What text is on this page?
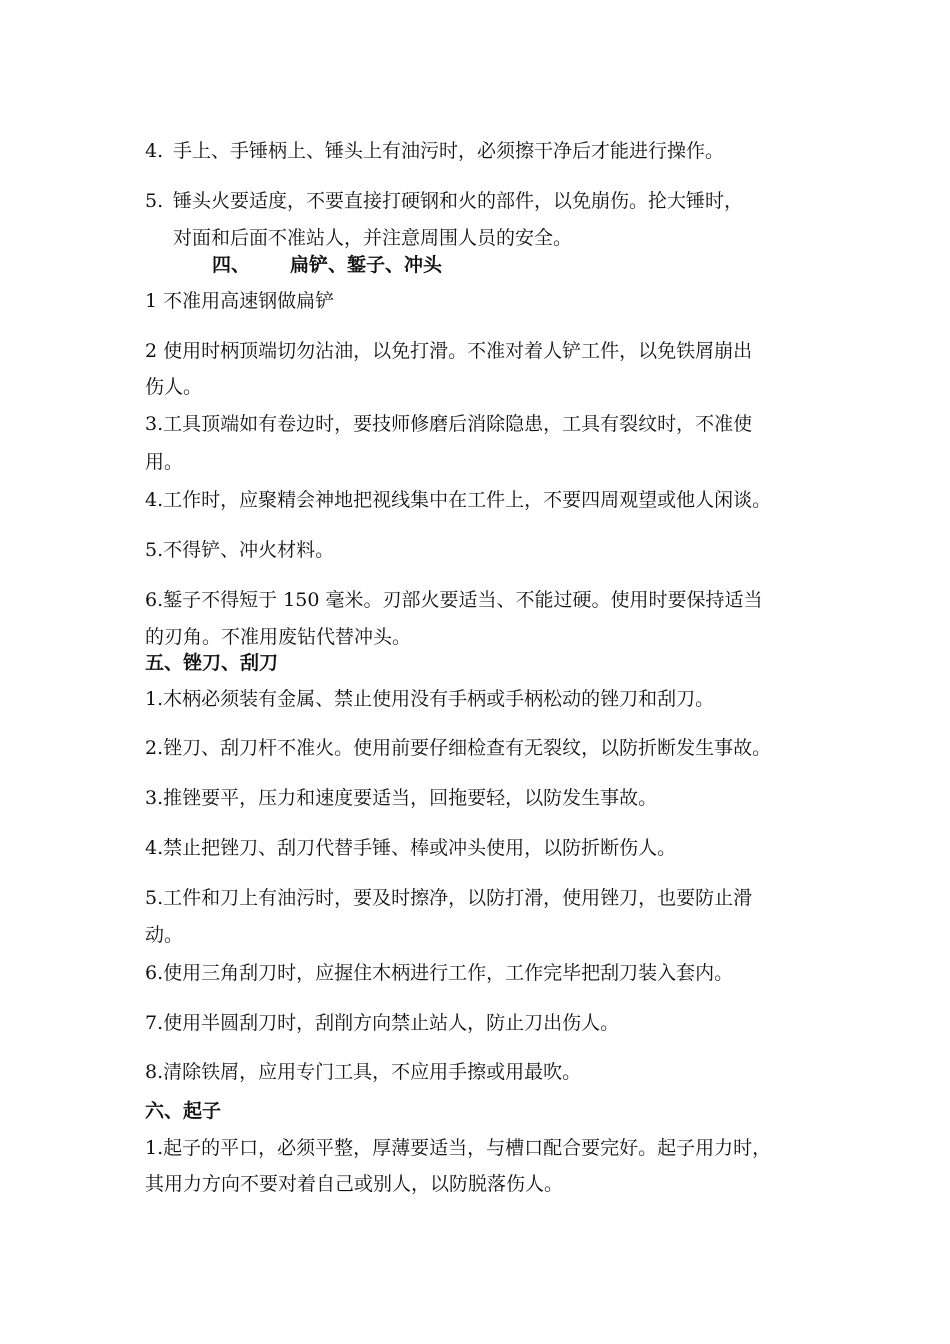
4. 手上、手锤柄上、锤头上有油污时，必须擦干净后才能进行操作。
5. 锤头火要适度，不要直接打硬钢和火的部件，以免崩伤。抡大锤时，
对面和后面不准站人，并注意周围人员的安全。
四、 扁铲、錾子、冲头
1 不准用高速钢做扁铲
2 使用时柄顶端切勿沾油，以免打滑。不准对着人铲工件，以免铁屑崩出
伤人。
3.工具顶端如有卷边时，要技师修磨后消除隐患，工具有裂纹时，不准使
用。
4.工作时，应聚精会神地把视线集中在工件上，不要四周观望或他人闲谈。
5.不得铲、冲火材料。
6.錾子不得短于 150 毫米。刃部火要适当、不能过硬。使用时要保持适当
的刃角。不准用废钻代替冲头。
五、锉刀、刮刀
1.木柄必须装有金属、禁止使用没有手柄或手柄松动的锉刀和刮刀。
2.锉刀、刮刀杆不准火。使用前要仔细检查有无裂纹，以防折断发生事故。
3.推锉要平，压力和速度要适当，回拖要轻，以防发生事故。
4.禁止把锉刀、刮刀代替手锤、棒或冲头使用，以防折断伤人。
5.工件和刀上有油污时，要及时擦净，以防打滑，使用锉刀，也要防止滑
动。
6.使用三角刮刀时，应握住木柄进行工作，工作完毕把刮刀装入套内。
7.使用半圆刮刀时，刮削方向禁止站人，防止刀出伤人。
8.清除铁屑，应用专门工具，不应用手擦或用最吹。
六、起子
1.起子的平口，必须平整，厚薄要适当，与槽口配合要完好。起子用力时，
其用力方向不要对着自己或别人，以防脱落伤人。
